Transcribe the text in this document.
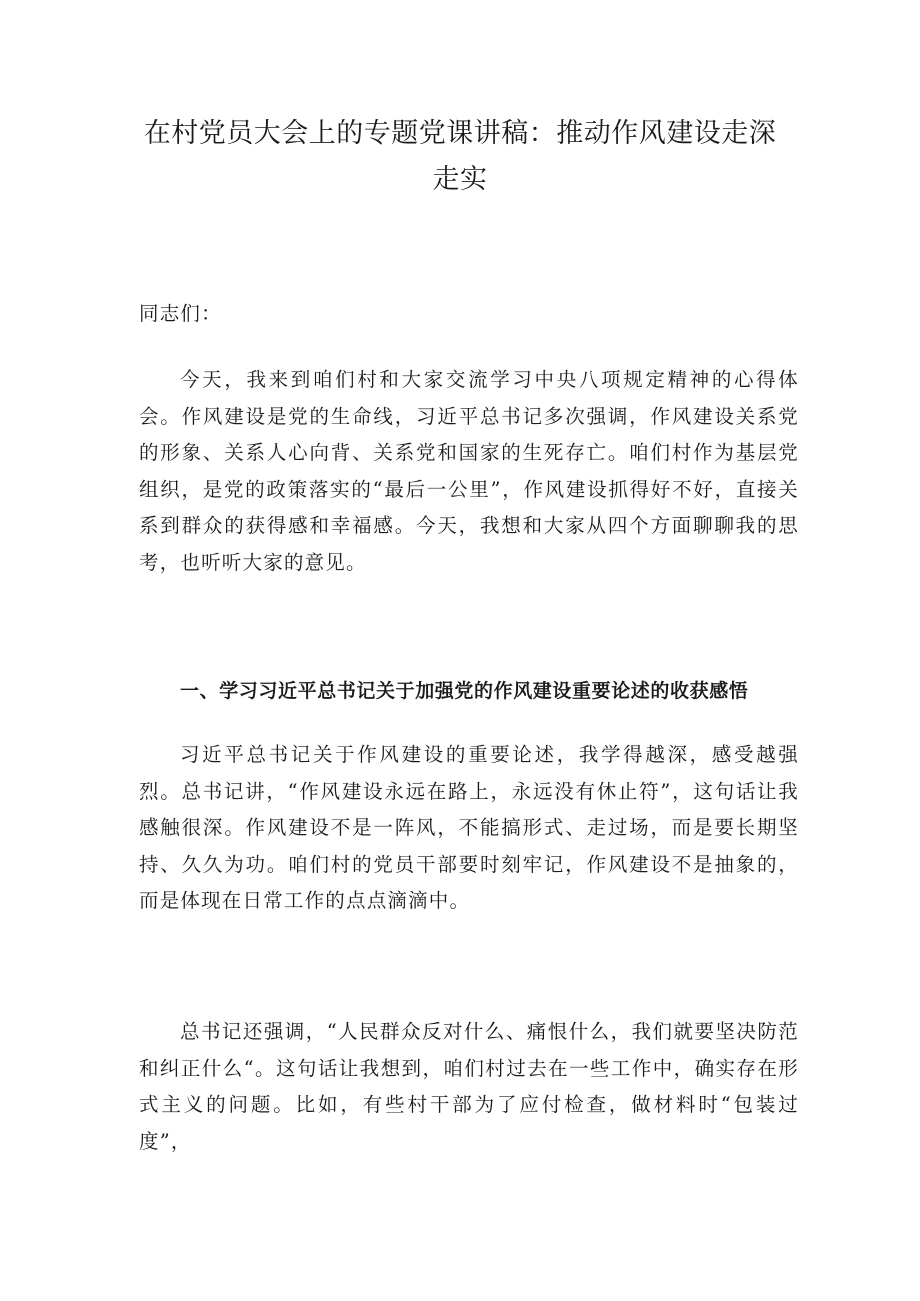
在村党员大会上的专题党课讲稿：推动作风建设走深
走实
同志们：

今天，我来到咱们村和大家交流学习中央八项规定精神的心得体会。作风建设是党的生命线，习近平总书记多次强调，作风建设关系党的形象、关系人心向背、关系党和国家的生死存亡。咱们村作为基层党组织，是党的政策落实的“最后一公里”，作风建设抓得好不好，直接关系到群众的获得感和幸福感。今天，我想和大家从四个方面聊聊我的思考，也听听大家的意见。

一、学习习近平总书记关于加强党的作风建设重要论述的收获感悟

习近平总书记关于作风建设的重要论述，我学得越深，感受越强烈。总书记讲，“作风建设永远在路上，永远没有休止符”，这句话让我感触很深。作风建设不是一阵风，不能搞形式、走过场，而是要长期坚持、久久为功。咱们村的党员干部要时刻牢记，作风建设不是抽象的，而是体现在日常工作的点点滴滴中。

总书记还强调，“人民群众反对什么、痛恨什么，我们就要坚决防范和纠正什么“。这句话让我想到，咱们村过去在一些工作中，确实存在形式主义的问题。比如，有些村干部为了应付检查，做材料时“包装过度”，
